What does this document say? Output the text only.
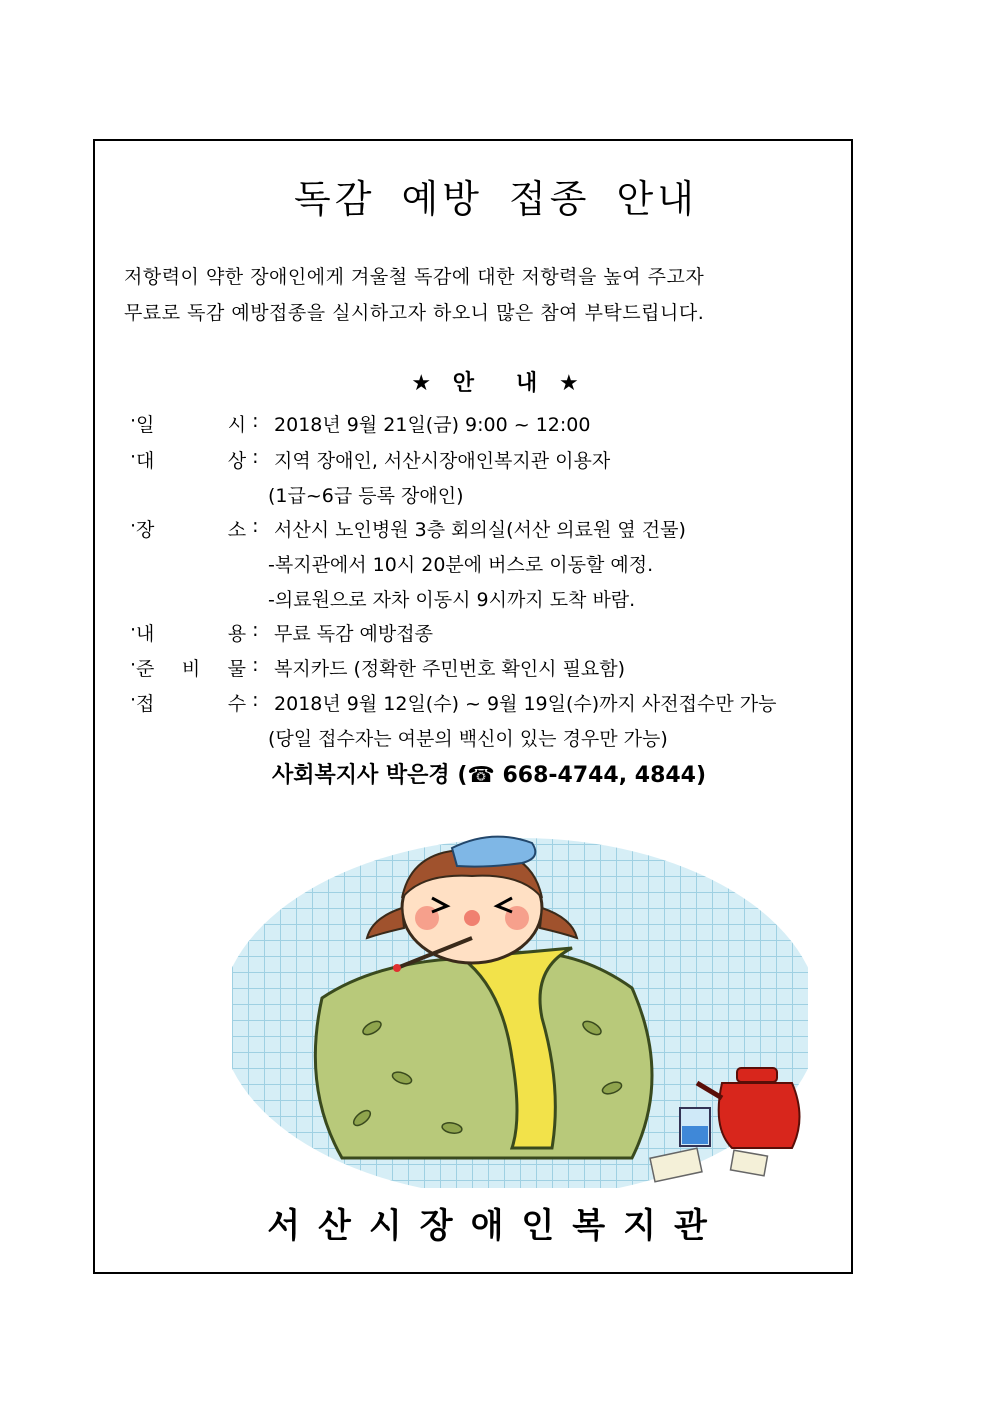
독감 예방 접종 안내
저항력이 약한 장애인에게 겨울철 독감에 대한 저항력을 높여 주고자
무료로 독감 예방접종을 실시하고자 하오니 많은 참여 부탁드립니다.
★ 안 내 ★
· 일	시 : 2018년 9월 21일(금) 9:00 ~ 12:00
· 대	상 : 지역 장애인, 서산시장애인복지관 이용자
(1급~6급 등록 장애인)
· 장	소 : 서산시 노인병원 3층 회의실(서산 의료원 옆 건물)
-복지관에서 10시 20분에 버스로 이동할 예정.
-의료원으로 자차 이동시 9시까지 도착 바람.
· 내	용 : 무료 독감 예방접종
· 준 비 물 : 복지카드 (정확한 주민번호 확인시 필요함)
· 접	수 : 2018년 9월 12일(수) ~ 9월 19일(수)까지 사전접수만 가능
(당일 접수자는 여분의 백신이 있는 경우만 가능)
사회복지사 박은경 (☎ 668-4744, 4844)
서산시장애인복지관
